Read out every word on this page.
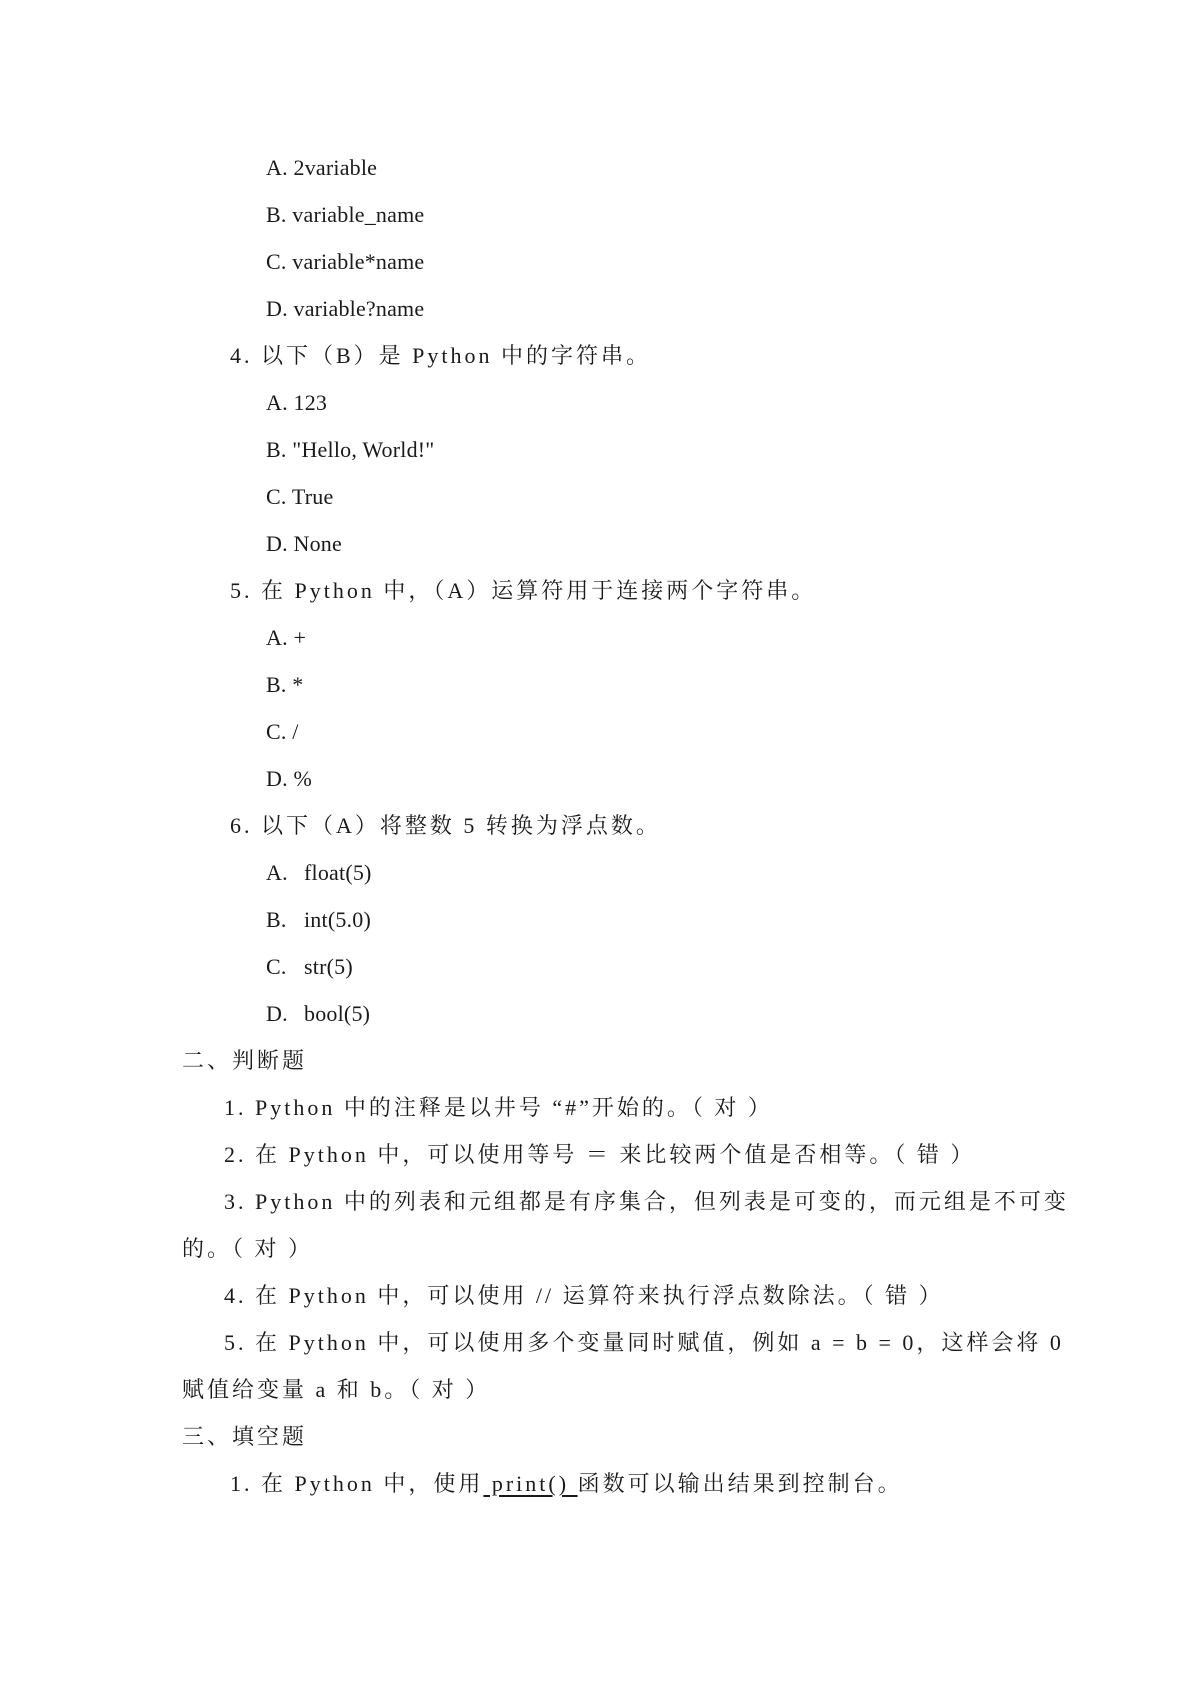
A. 2variable
B. variable_name
C. variable*name
D. variable?name
4. 以下（B）是 Python 中的字符串。
A. 123
B. "Hello, World!"
C. True
D. None
5. 在 Python 中，（A）运算符用于连接两个字符串。
A. +
B. *
C. /
D. %
6. 以下（A）将整数 5 转换为浮点数。
A. float(5)
B. int(5.0)
C. str(5)
D. bool(5)
二、判断题
1. Python 中的注释是以井号 “#”开始的。（ 对 ）
2. 在 Python 中，可以使用等号 ＝ 来比较两个值是否相等。（ 错 ）
3. Python 中的列表和元组都是有序集合，但列表是可变的，而元组是不可变
的。（ 对 ）
4. 在 Python 中，可以使用 // 运算符来执行浮点数除法。（ 错 ）
5. 在 Python 中，可以使用多个变量同时赋值，例如 a = b = 0，这样会将 0
赋值给变量 a 和 b。（ 对 ）
三、填空题
1. 在 Python 中，使用 print() 函数可以输出结果到控制台。
